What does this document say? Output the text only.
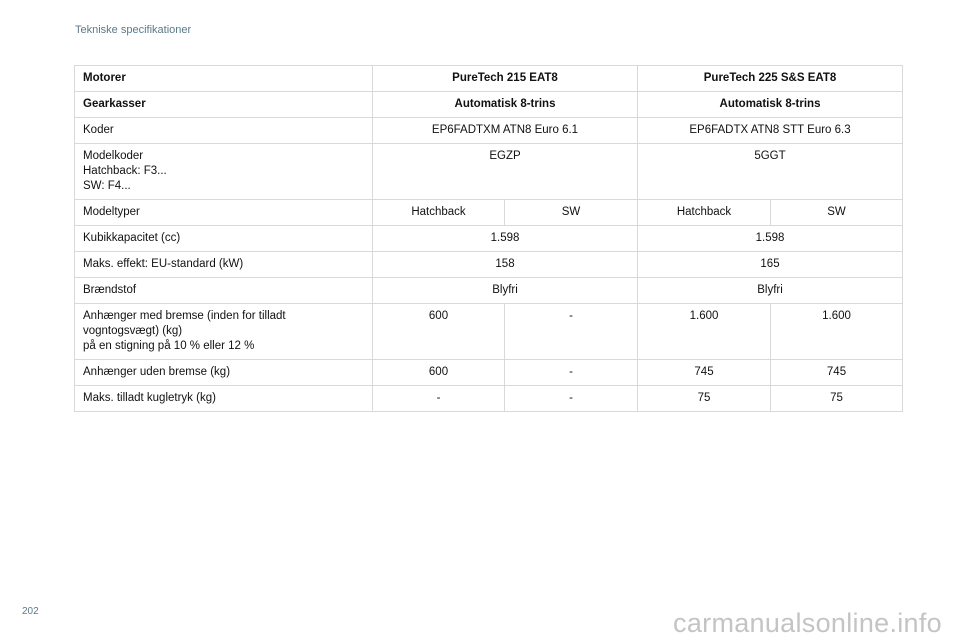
Tekniske specifikationer
Motorer	PureTech 215 EAT8		PureTech 225 S&S EAT8	
Gearkasser	Automatisk 8-trins		Automatisk 8-trins	
Koder	EP6FADTXM ATN8 Euro 6.1		EP6FADTX ATN8 STT Euro 6.3	
Modelkoder
Hatchback: F3...
SW: F4...	EGZP		5GGT	
Modeltyper	Hatchback	SW	Hatchback	SW
Kubikkapacitet (cc)	1.598		1.598	
Maks. effekt: EU-standard (kW)	158		165	
Brændstof	Blyfri		Blyfri	
Anhænger med bremse (inden for tilladt
vogntogsvægt) (kg)
på en stigning på 10 % eller 12 %	600	-	1.600	1.600
Anhænger uden bremse (kg)	600	-	745	745
Maks. tilladt kugletryk (kg)	-	-	75	75
202	carmanualsonline.info
